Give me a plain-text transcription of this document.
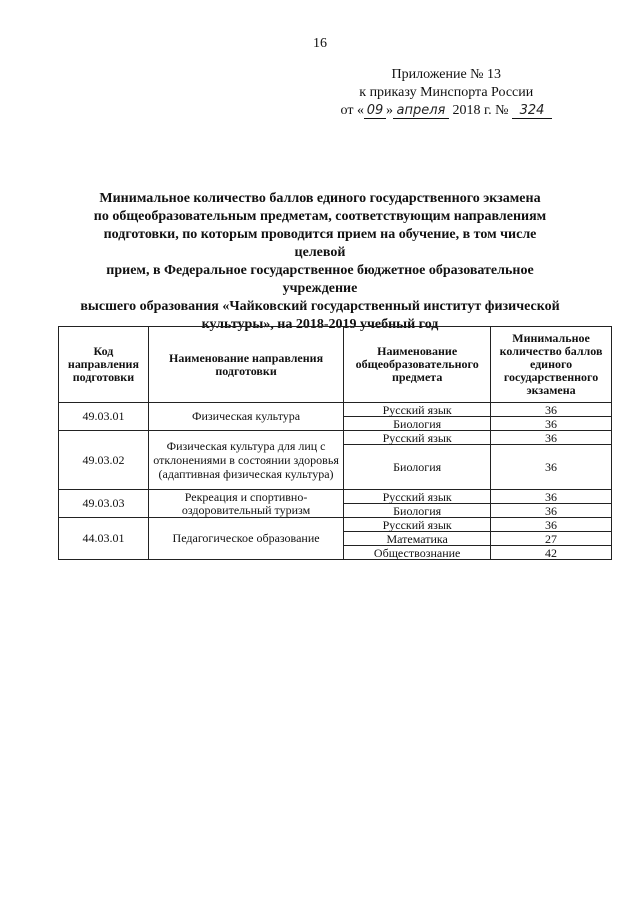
16
Приложение № 13
к приказу Минспорта России
от « 09 » апреля 2018 г. № 324
Минимальное количество баллов единого государственного экзамена
по общеобразовательным предметам, соответствующим направлениям
подготовки, по которым проводится прием на обучение, в том числе целевой
прием, в Федеральное государственное бюджетное образовательное учреждение
высшего образования «Чайковский государственный институт физической
культуры», на 2018-2019 учебный год
Код направления подготовки	Наименование направления подготовки	Наименование общеобразовательного предмета	Минимальное количество баллов единого государственного экзамена
49.03.01	Физическая культура	Русский язык	36
		Биология	36
49.03.02	Физическая культура для лиц с отклонениями в состоянии здоровья (адаптивная физическая культура)	Русский язык	36
		Биология	36
49.03.03	Рекреация и спортивно-оздоровительный туризм	Русский язык	36
		Биология	36
44.03.01	Педагогическое образование	Русский язык	36
		Математика	27
		Обществознание	42
